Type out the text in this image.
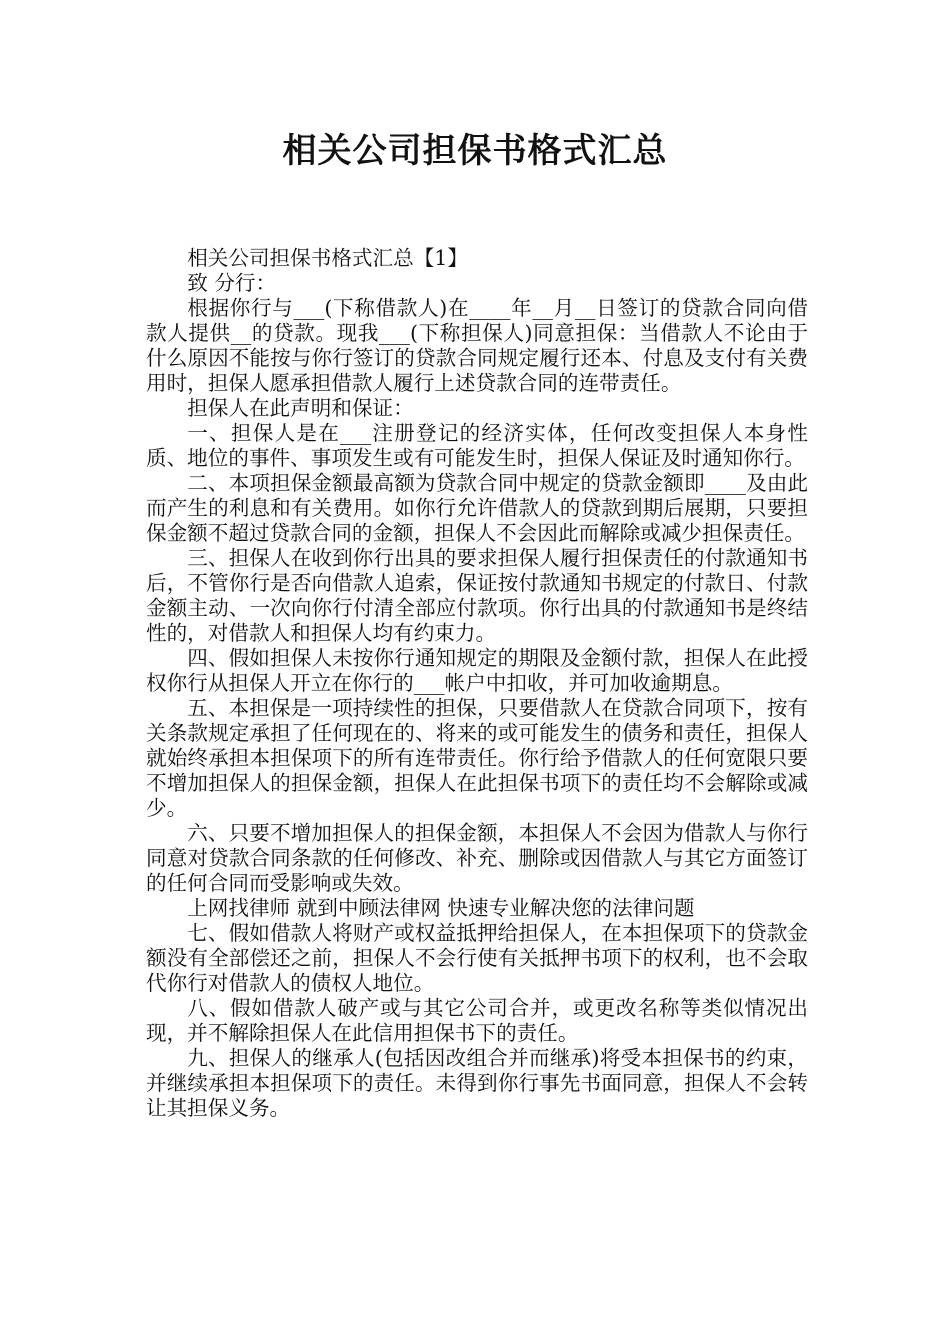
相关公司担保书格式汇总

相关公司担保书格式汇总【1】

致 分行：

根据你行与___(下称借款人)在____年__月__日签订的贷款合同向借款人提供__的贷款。现我___(下称担保人)同意担保：当借款人不论由于什么原因不能按与你行签订的贷款合同规定履行还本、付息及支付有关费用时，担保人愿承担借款人履行上述贷款合同的连带责任。

担保人在此声明和保证：

一、担保人是在___注册登记的经济实体，任何改变担保人本身性质、地位的事件、事项发生或有可能发生时，担保人保证及时通知你行。

二、本项担保金额最高额为贷款合同中规定的贷款金额即____及由此而产生的利息和有关费用。如你行允许借款人的贷款到期后展期，只要担保金额不超过贷款合同的金额，担保人不会因此而解除或减少担保责任。

三、担保人在收到你行出具的要求担保人履行担保责任的付款通知书后，不管你行是否向借款人追索，保证按付款通知书规定的付款日、付款金额主动、一次向你行付清全部应付款项。你行出具的付款通知书是终结性的，对借款人和担保人均有约束力。

四、假如担保人未按你行通知规定的期限及金额付款，担保人在此授权你行从担保人开立在你行的___帐户中扣收，并可加收逾期息。

五、本担保是一项持续性的担保，只要借款人在贷款合同项下，按有关条款规定承担了任何现在的、将来的或可能发生的债务和责任，担保人就始终承担本担保项下的所有连带责任。你行给予借款人的任何宽限只要不增加担保人的担保金额，担保人在此担保书项下的责任均不会解除或减少。

六、只要不增加担保人的担保金额，本担保人不会因为借款人与你行同意对贷款合同条款的任何修改、补充、删除或因借款人与其它方面签订的任何合同而受影响或失效。

上网找律师 就到中顾法律网 快速专业解决您的法律问题

七、假如借款人将财产或权益抵押给担保人，在本担保项下的贷款金额没有全部偿还之前，担保人不会行使有关抵押书项下的权利，也不会取代你行对借款人的债权人地位。

八、假如借款人破产或与其它公司合并，或更改名称等类似情况出现，并不解除担保人在此信用担保书下的责任。

九、担保人的继承人(包括因改组合并而继承)将受本担保书的约束，并继续承担本担保项下的责任。未得到你行事先书面同意，担保人不会转让其担保义务。
